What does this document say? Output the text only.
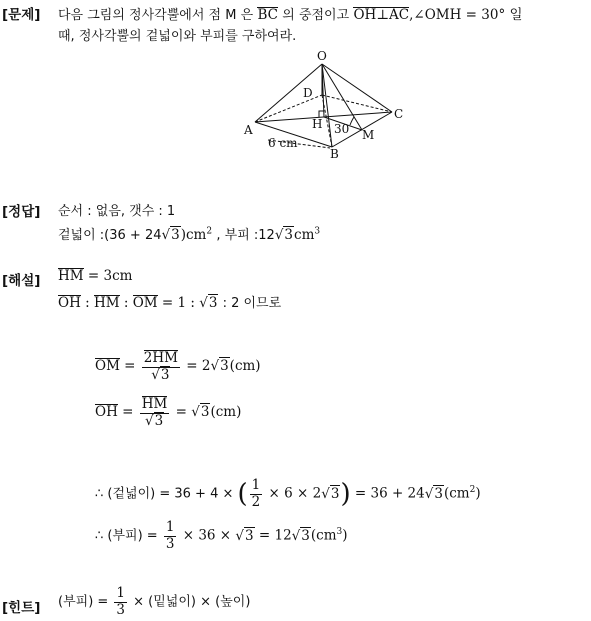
[문제] 다음 그림의 정사각뿔에서 점 M 은 BC 의 중점이고 OH⊥AC,∠OMH = 30° 일
때, 정사각뿔의 겉넓이와 부피를 구하여라.
O
D
C
H
A	M
B
30
6 cm
[정답] 순서 : 없음, 갯수 : 1
겉넓이 :(36 + $24√3)cm^2$ , 부피 $:12√3cm^3$
[해설] HM = 3cm
OH : HM : OM = 1 : √3 : 2 이므로
OM = $\frac{2HM}{√3} = 2√3(cm)$
OH = $\frac{HM}{√3} = √3(cm)$
∴ (겉넓이) = 36 + 4 × ( $\frac{1}{2} \times 6 \times 2√3) = 36 + 24√3(cm^2)$
∴ (부피) = $\frac{1}{3} \times 36 \times √3 = 12√3(cm^3)$
[힌트] (부피) = $\frac{1}{3}$ × (밑넓이) × (높이)
